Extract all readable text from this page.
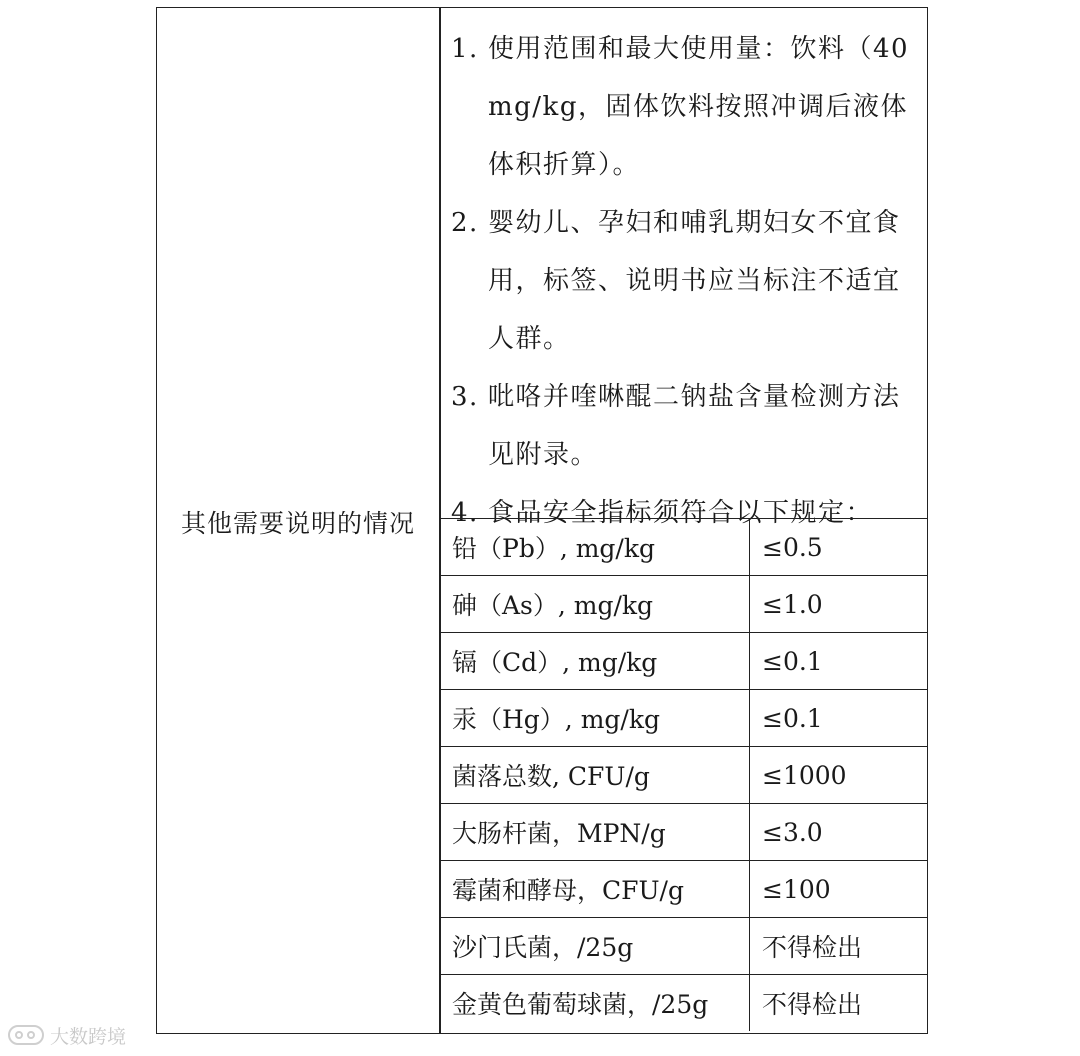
其他需要说明的情况
1. 使用范围和最大使用量：饮料（40 mg/kg，固体饮料按照冲调后液体体积折算）。
2. 婴幼儿、孕妇和哺乳期妇女不宜食用，标签、说明书应当标注不适宜人群。
3. 吡咯并喹啉醌二钠盐含量检测方法见附录。
4. 食品安全指标须符合以下规定：
铅（Pb）, mg/kg	≤0.5
砷（As）, mg/kg	≤1.0
镉（Cd）, mg/kg	≤0.1
汞（Hg）, mg/kg	≤0.1
菌落总数, CFU/g	≤1000
大肠杆菌，MPN/g	≤3.0
霉菌和酵母，CFU/g	≤100
沙门氏菌，/25g	不得检出
金黄色葡萄球菌，/25g	不得检出
大数跨境
